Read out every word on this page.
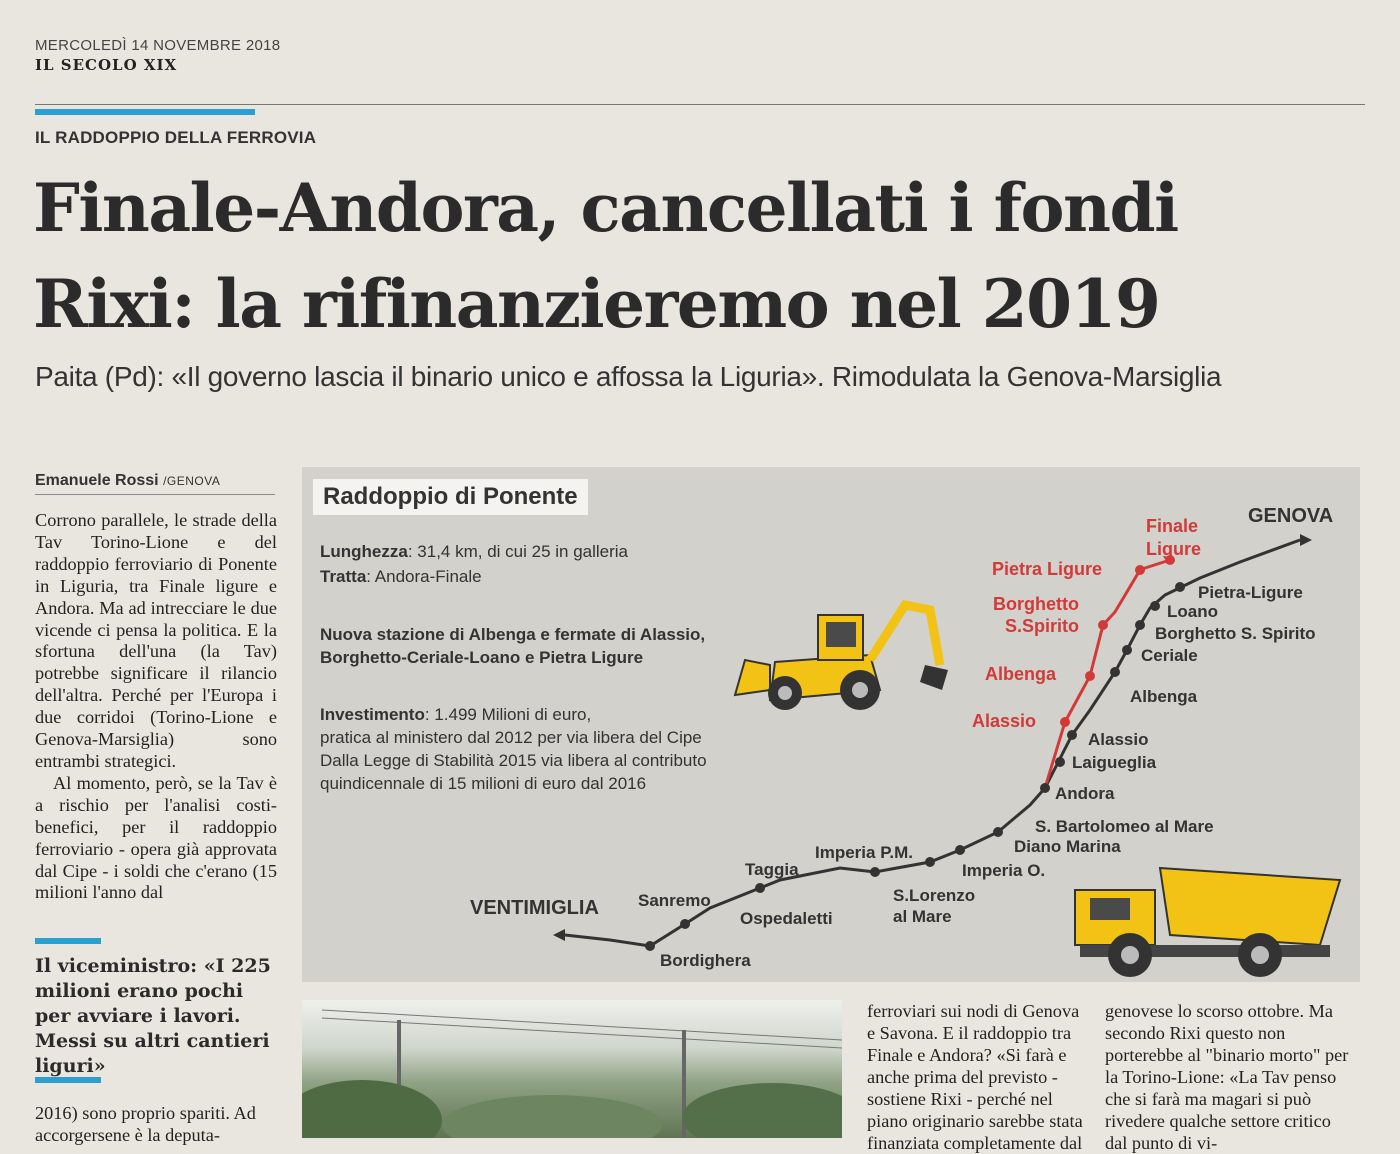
MERCOLEDÌ 14 NOVEMBRE 2018
IL SECOLO XIX
IL RADDOPPIO DELLA FERROVIA
Finale-Andora, cancellati i fondi
Rixi: la rifinanzieremo nel 2019
Paita (Pd): «Il governo lascia il binario unico e affossa la Liguria». Rimodulata la Genova-Marsiglia
Emanuele Rossi /GENOVA

Corrono parallele, le strade della Tav Torino-Lione e del raddoppio ferroviario di Ponente in Liguria, tra Finale ligure e Andora. Ma ad intrecciare le due vicende ci pensa la politica. E la sfortuna dell'una (la Tav) potrebbe significare il rilancio dell'altra. Perché per l'Europa i due corridoi (Torino-Lione e Genova-Marsiglia) sono entrambi strategici.

Al momento, però, se la Tav è a rischio per l'analisi costi-benefici, per il raddoppio ferroviario - opera già approvata dal Cipe - i soldi che c'erano (15 milioni l'anno dal

Il viceministro: «I 225 milioni erano pochi per avviare i lavori. Messi su altri cantieri liguri»
2016) sono proprio spariti. Ad accorgersene è la deputa-
Raddoppio di Ponente
Lunghezza: 31,4 km, di cui 25 in galleria
Tratta: Andora-Finale
Nuova stazione di Albenga e fermate di Alassio, Borghetto-Ceriale-Loano e Pietra Ligure
Investimento: 1.499 Milioni di euro,
pratica al ministero dal 2012 per via libera del Cipe
Dalla Legge di Stabilità 2015 via libera al contributo
quindicennale di 15 milioni di euro dal 2016
Finale
Ligure
Pietra Ligure
Borghetto
S.Spirito
Albenga
Alassio
GENOVA
VENTIMIGLIA
Pietra-Ligure
Loano
Borghetto S. Spirito
Ceriale
Albenga
Alassio
Laigueglia
Andora
S. Bartolomeo al Mare
Diano Marina
Imperia O.
S.Lorenzo
al Mare
Imperia P.M.
Taggia
Sanremo
Ospedaletti
Bordighera

ferroviari sui nodi di Genova e Savona. E il raddoppio tra Finale e Andora? «Si farà e anche prima del previsto - sostiene Rixi - perché nel piano originario sarebbe stata finanziata completamente dal

genovese lo scorso ottobre. Ma secondo Rixi questo non porterebbe al "binario morto" per la Torino-Lione: «La Tav penso che si farà ma magari si può rivedere qualche settore critico dal punto di vi-
